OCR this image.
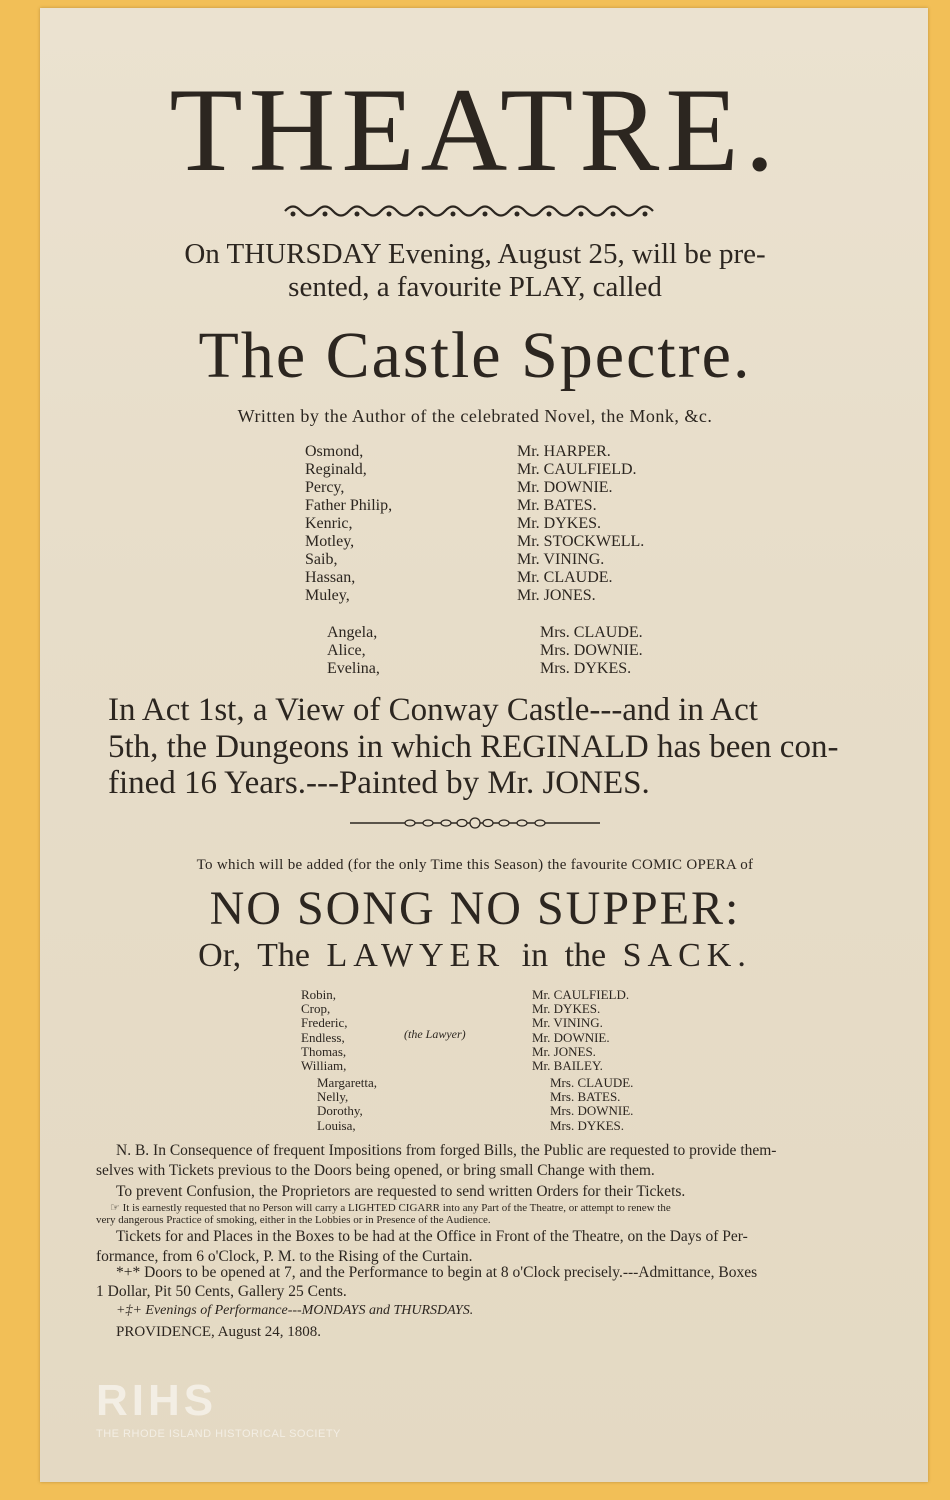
THEATRE.
On THURSDAY Evening, August 25, will be pre-
sented, a favourite PLAY, called
The Castle Spectre.
Written by the Author of the celebrated Novel, the Monk, &c.
Osmond,
Reginald,
Percy,
Father Philip,
Kenric,
Motley,
Saib,
Hassan,
Muley,
Mr. HARPER.
Mr. CAULFIELD.
Mr. DOWNIE.
Mr. BATES.
Mr. DYKES.
Mr. STOCKWELL.
Mr. VINING.
Mr. CLAUDE.
Mr. JONES.
Angela,
Alice,
Evelina,
Mrs. CLAUDE.
Mrs. DOWNIE.
Mrs. DYKES.
In Act 1st, a View of Conway Castle---and in Act
5th, the Dungeons in which REGINALD has been con-
fined 16 Years.---Painted by Mr. JONES.
To which will be added (for the only Time this Season) the favourite COMIC OPERA of
NO SONG NO SUPPER:
Or, The LAWYER in the SACK.
Robin,
Crop,
Frederic,
Endless,
Thomas,
William,
(the Lawyer)
Mr. CAULFIELD.
Mr. DYKES.
Mr. VINING.
Mr. DOWNIE.
Mr. JONES.
Mr. BAILEY.
Margaretta,
Nelly,
Dorothy,
Louisa,
Mrs. CLAUDE.
Mrs. BATES.
Mrs. DOWNIE.
Mrs. DYKES.
N. B. In Consequence of frequent Impositions from forged Bills, the Public are requested to provide them-
selves with Tickets previous to the Doors being opened, or bring small Change with them.
To prevent Confusion, the Proprietors are requested to send written Orders for their Tickets.
☞ It is earnestly requested that no Person will carry a LIGHTED CIGARR into any Part of the Theatre, or attempt to renew the
very dangerous Practice of smoking, either in the Lobbies or in Presence of the Audience.
Tickets for and Places in the Boxes to be had at the Office in Front of the Theatre, on the Days of Per-
formance, from 6 o'Clock, P. M. to the Rising of the Curtain.
*+* Doors to be opened at 7, and the Performance to begin at 8 o'Clock precisely.---Admittance, Boxes
1 Dollar, Pit 50 Cents, Gallery 25 Cents.
+‡+ Evenings of Performance---MONDAYS and THURSDAYS.
PROVIDENCE, August 24, 1808.
RIHS
THE RHODE ISLAND HISTORICAL SOCIETY
